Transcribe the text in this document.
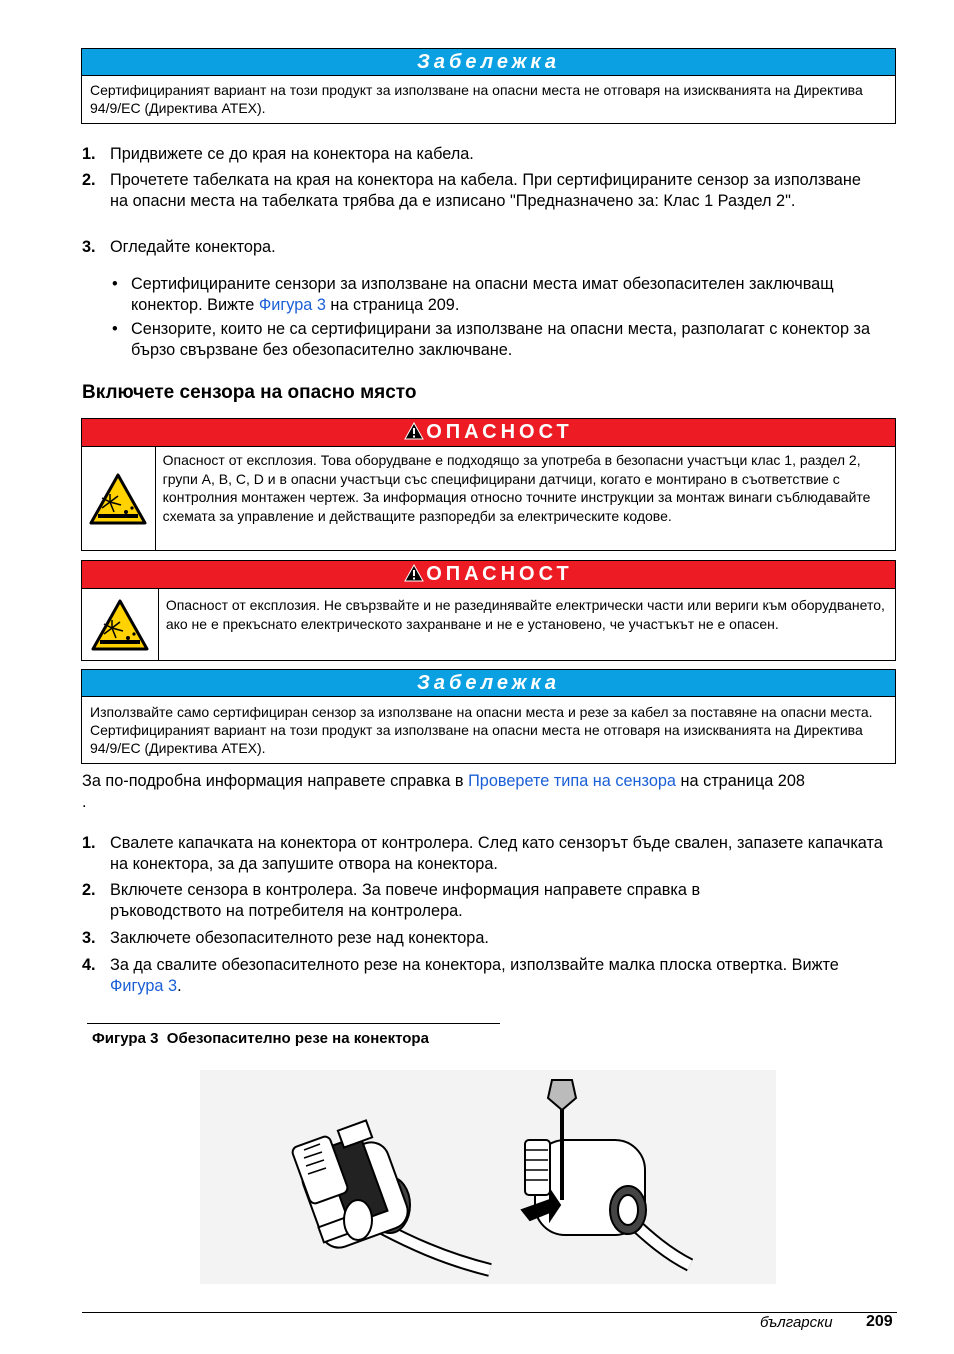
Забележка
Сертифицираният вариант на този продукт за използване на опасни места не отговаря на изискванията на Директива 94/9/EC (Директива ATEX).
1. Придвижете се до края на конектора на кабела.
2. Прочетете табелката на края на конектора на кабела. При сертифицираните сензор за използване на опасни места на табелката трябва да е изписано "Предназначено за: Клас 1 Раздел 2".
3. Огледайте конектора.
• Сертифицираните сензори за използване на опасни места имат обезопасителен заключващ конектор. Вижте Фигура 3 на страница 209.
• Сензорите, които не са сертифицирани за използване на опасни места, разполагат с конектор за бързо свързване без обезопасително заключване.
Включете сензора на опасно място
ОПАСНОСТ
Опасност от експлозия. Това оборудване е подходящо за употреба в безопасни участъци клас 1, раздел 2, групи A, B, C, D и в опасни участъци със специфицирани датчици, когато е монтирано в съответствие с контролния монтажен чертеж. За информация относно точните инструкции за монтаж винаги съблюдавайте схемата за управление и действащите разпоредби за електрическите кодове.
ОПАСНОСТ
Опасност от експлозия. Не свързвайте и не разединявайте електрически части или вериги към оборудването, ако не е прекъснато електрическото захранване и не е установено, че участъкът не е опасен.
Забележка
Използвайте само сертифициран сензор за използване на опасни места и резе за кабел за поставяне на опасни места. Сертифицираният вариант на този продукт за използване на опасни места не отговаря на изискванията на Директива 94/9/EC (Директива ATEX).
За по-подробна информация направете справка в Проверете типа на сензора на страница 208
.
1. Свалете капачката на конектора от контролера. След като сензорът бъде свален, запазете капачката на конектора, за да запушите отвора на конектора.
2. Включете сензора в контролера. За повече информация направете справка в ръководството на потребителя на контролера.
3. Заключете обезопасителното резе над конектора.
4. За да свалите обезопасителното резе на конектора, използвайте малка плоска отвертка. Вижте Фигура 3.
Фигура 3 Обезопасително резе на конектора
български 209
